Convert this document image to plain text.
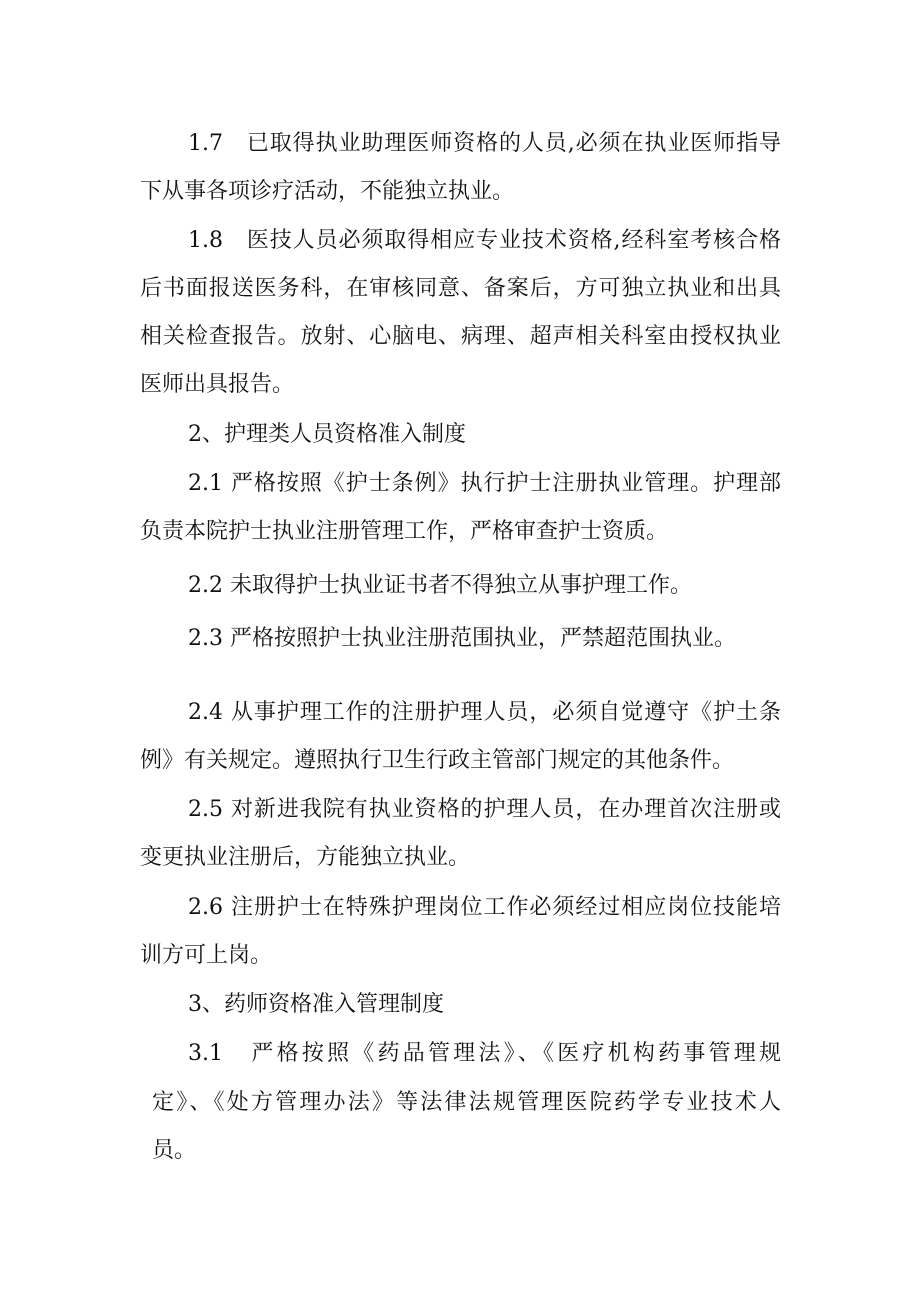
1.7　已取得执业助理医师资格的人员,必须在执业医师指导
下从事各项诊疗活动，不能独立执业。
1.8　医技人员必须取得相应专业技术资格,经科室考核合格
后书面报送医务科，在审核同意、备案后，方可独立执业和出具
相关检查报告。放射、心脑电、病理、超声相关科室由授权执业
医师出具报告。
2、护理类人员资格准入制度
2.1 严格按照《护士条例》执行护士注册执业管理。护理部
负责本院护士执业注册管理工作，严格审查护士资质。
2.2 未取得护士执业证书者不得独立从事护理工作。
2.3 严格按照护士执业注册范围执业，严禁超范围执业。
2.4 从事护理工作的注册护理人员，必须自觉遵守《护土条
例》有关规定。遵照执行卫生行政主管部门规定的其他条件。
2.5 对新进我院有执业资格的护理人员，在办理首次注册或
变更执业注册后，方能独立执业。
2.6 注册护士在特殊护理岗位工作必须经过相应岗位技能培
训方可上岗。
3、药师资格准入管理制度
3.1　严格按照《药品管理法》、《医疗机构药事管理规
定》、《处方管理办法》等法律法规管理医院药学专业技术人
员。
